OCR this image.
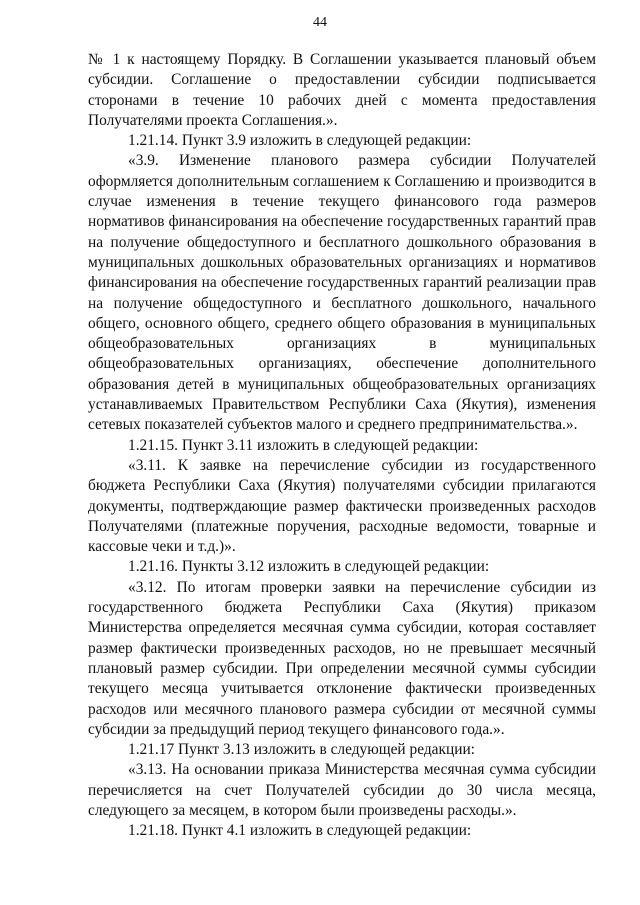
44

№ 1 к настоящему Порядку. В Соглашении указывается плановый объем субсидии. Соглашение о предоставлении субсидии подписывается сторонами в течение 10 рабочих дней с момента предоставления Получателями проекта Соглашения.».

1.21.14. Пункт 3.9 изложить в следующей редакции:

«3.9. Изменение планового размера субсидии Получателей оформляется дополнительным соглашением к Соглашению и производится в случае изменения в течение текущего финансового года размеров нормативов финансирования на обеспечение государственных гарантий прав на получение общедоступного и бесплатного дошкольного образования в муниципальных дошкольных образовательных организациях и нормативов финансирования на обеспечение государственных гарантий реализации прав на получение общедоступного и бесплатного дошкольного, начального общего, основного общего, среднего общего образования в муниципальных общеобразовательных организациях в муниципальных общеобразовательных организациях, обеспечение дополнительного образования детей в муниципальных общеобразовательных организациях устанавливаемых Правительством Республики Саха (Якутия), изменения сетевых показателей субъектов малого и среднего предпринимательства.».

1.21.15. Пункт 3.11 изложить в следующей редакции:

«3.11. К заявке на перечисление субсидии из государственного бюджета Республики Саха (Якутия) получателями субсидии прилагаются документы, подтверждающие размер фактически произведенных расходов Получателями (платежные поручения, расходные ведомости, товарные и кассовые чеки и т.д.)».

1.21.16. Пункты 3.12 изложить в следующей редакции:

«3.12. По итогам проверки заявки на перечисление субсидии из государственного бюджета Республики Саха (Якутия) приказом Министерства определяется месячная сумма субсидии, которая составляет размер фактически произведенных расходов, но не превышает месячный плановый размер субсидии. При определении месячной суммы субсидии текущего месяца учитывается отклонение фактически произведенных расходов или месячного планового размера субсидии от месячной суммы субсидии за предыдущий период текущего финансового года.».

1.21.17 Пункт 3.13 изложить в следующей редакции:

«3.13. На основании приказа Министерства месячная сумма субсидии перечисляется на счет Получателей субсидии до 30 числа месяца, следующего за месяцем, в котором были произведены расходы.».

1.21.18. Пункт 4.1 изложить в следующей редакции:
